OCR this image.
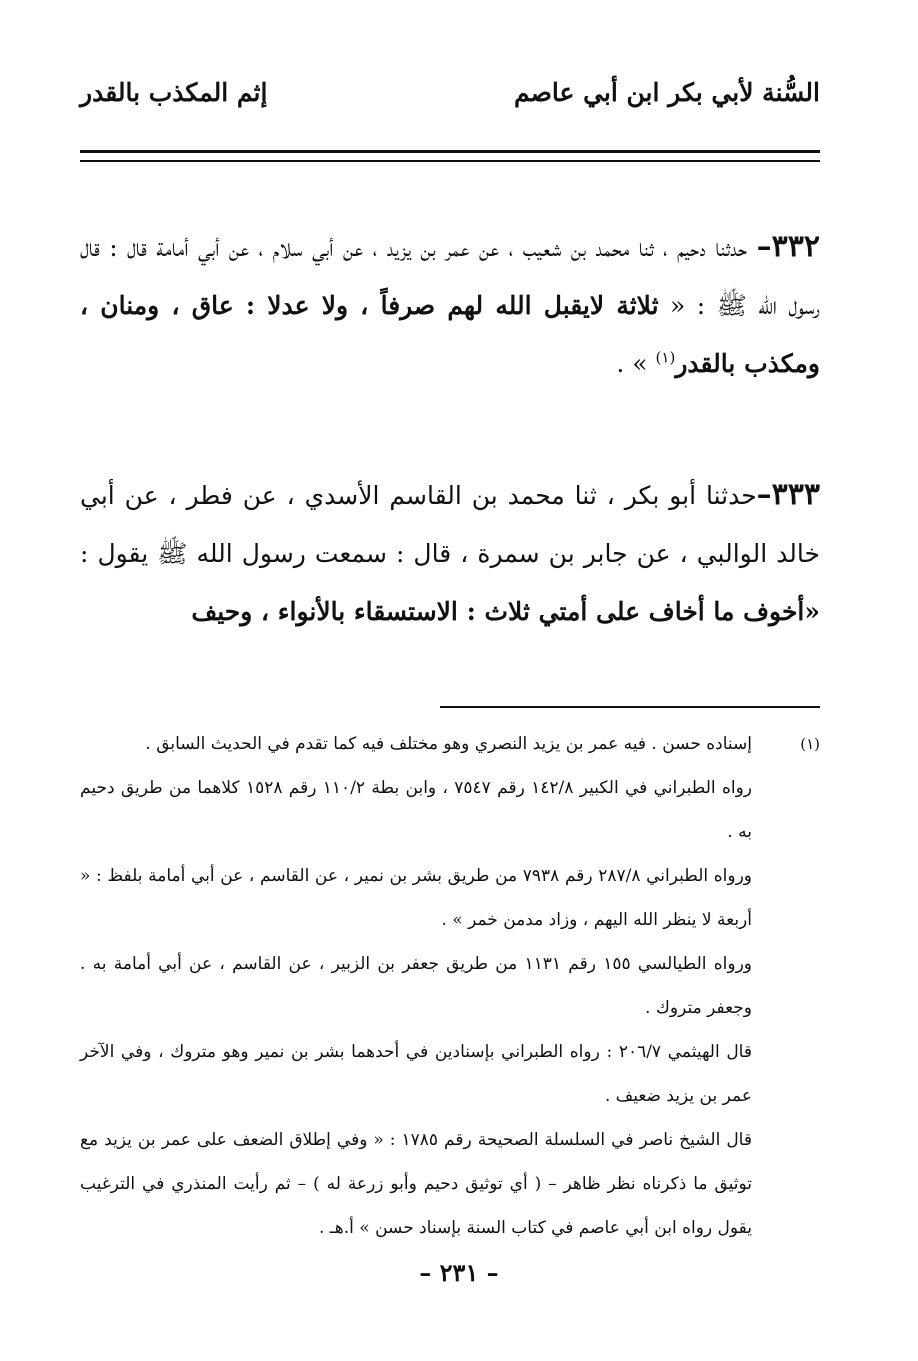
السُّنة لأبي بكر ابن أبي عاصم
إثم المكذب بالقدر
٣٣٢– حدثنا دحيم ، ثنا محمد بن شعيب ، عن عمر بن يزيد ، عن أبي سلام ، عن أبي أمامة قال : قال رسول الله ﷺ : « ثلاثة لايقبل الله لهم صرفاً ، ولا عدلا : عاق ، ومنان ، ومكذب بالقدر$^{(١)}$ » .
٣٣٣–حدثنا أبو بكر ، ثنا محمد بن القاسم الأسدي ، عن فطر ، عن أبي خالد الوالبي ، عن جابر بن سمرة ، قال : سمعت رسول الله ﷺ يقول : «أخوف ما أخاف على أمتي ثلاث : الاستسقاء بالأنواء ، وحيف
(١)

إسناده حسن . فيه عمر بن يزيد النصري وهو مختلف فيه كما تقدم في الحديث السابق .

رواه الطبراني في الكبير ١٤٢/٨ رقم ٧٥٤٧ ، وابن بطة ١١٠/٢ رقم ١٥٢٨ كلاهما من طريق دحيم به .

ورواه الطبراني ٢٨٧/٨ رقم ٧٩٣٨ من طريق بشر بن نمير ، عن القاسم ، عن أبي أمامة بلفظ : « أربعة لا ينظر الله اليهم ، وزاد مدمن خمر » .

ورواه الطيالسي ١٥٥ رقم ١١٣١ من طريق جعفر بن الزبير ، عن القاسم ، عن أبي أمامة به . وجعفر متروك .

قال الهيثمي ٢٠٦/٧ : رواه الطبراني بإسنادين في أحدهما بشر بن نمير وهو متروك ، وفي الآخر عمر بن يزيد ضعيف .

قال الشيخ ناصر في السلسلة الصحيحة رقم ١٧٨٥ : « وفي إطلاق الضعف على عمر بن يزيد مع توثيق ما ذكرناه نظر ظاهر – ( أي توثيق دحيم وأبو زرعة له ) – ثم رأيت المنذري في الترغيب يقول رواه ابن أبي عاصم في كتاب السنة بإسناد حسن » أ.هـ .

– ٢٣١ –
